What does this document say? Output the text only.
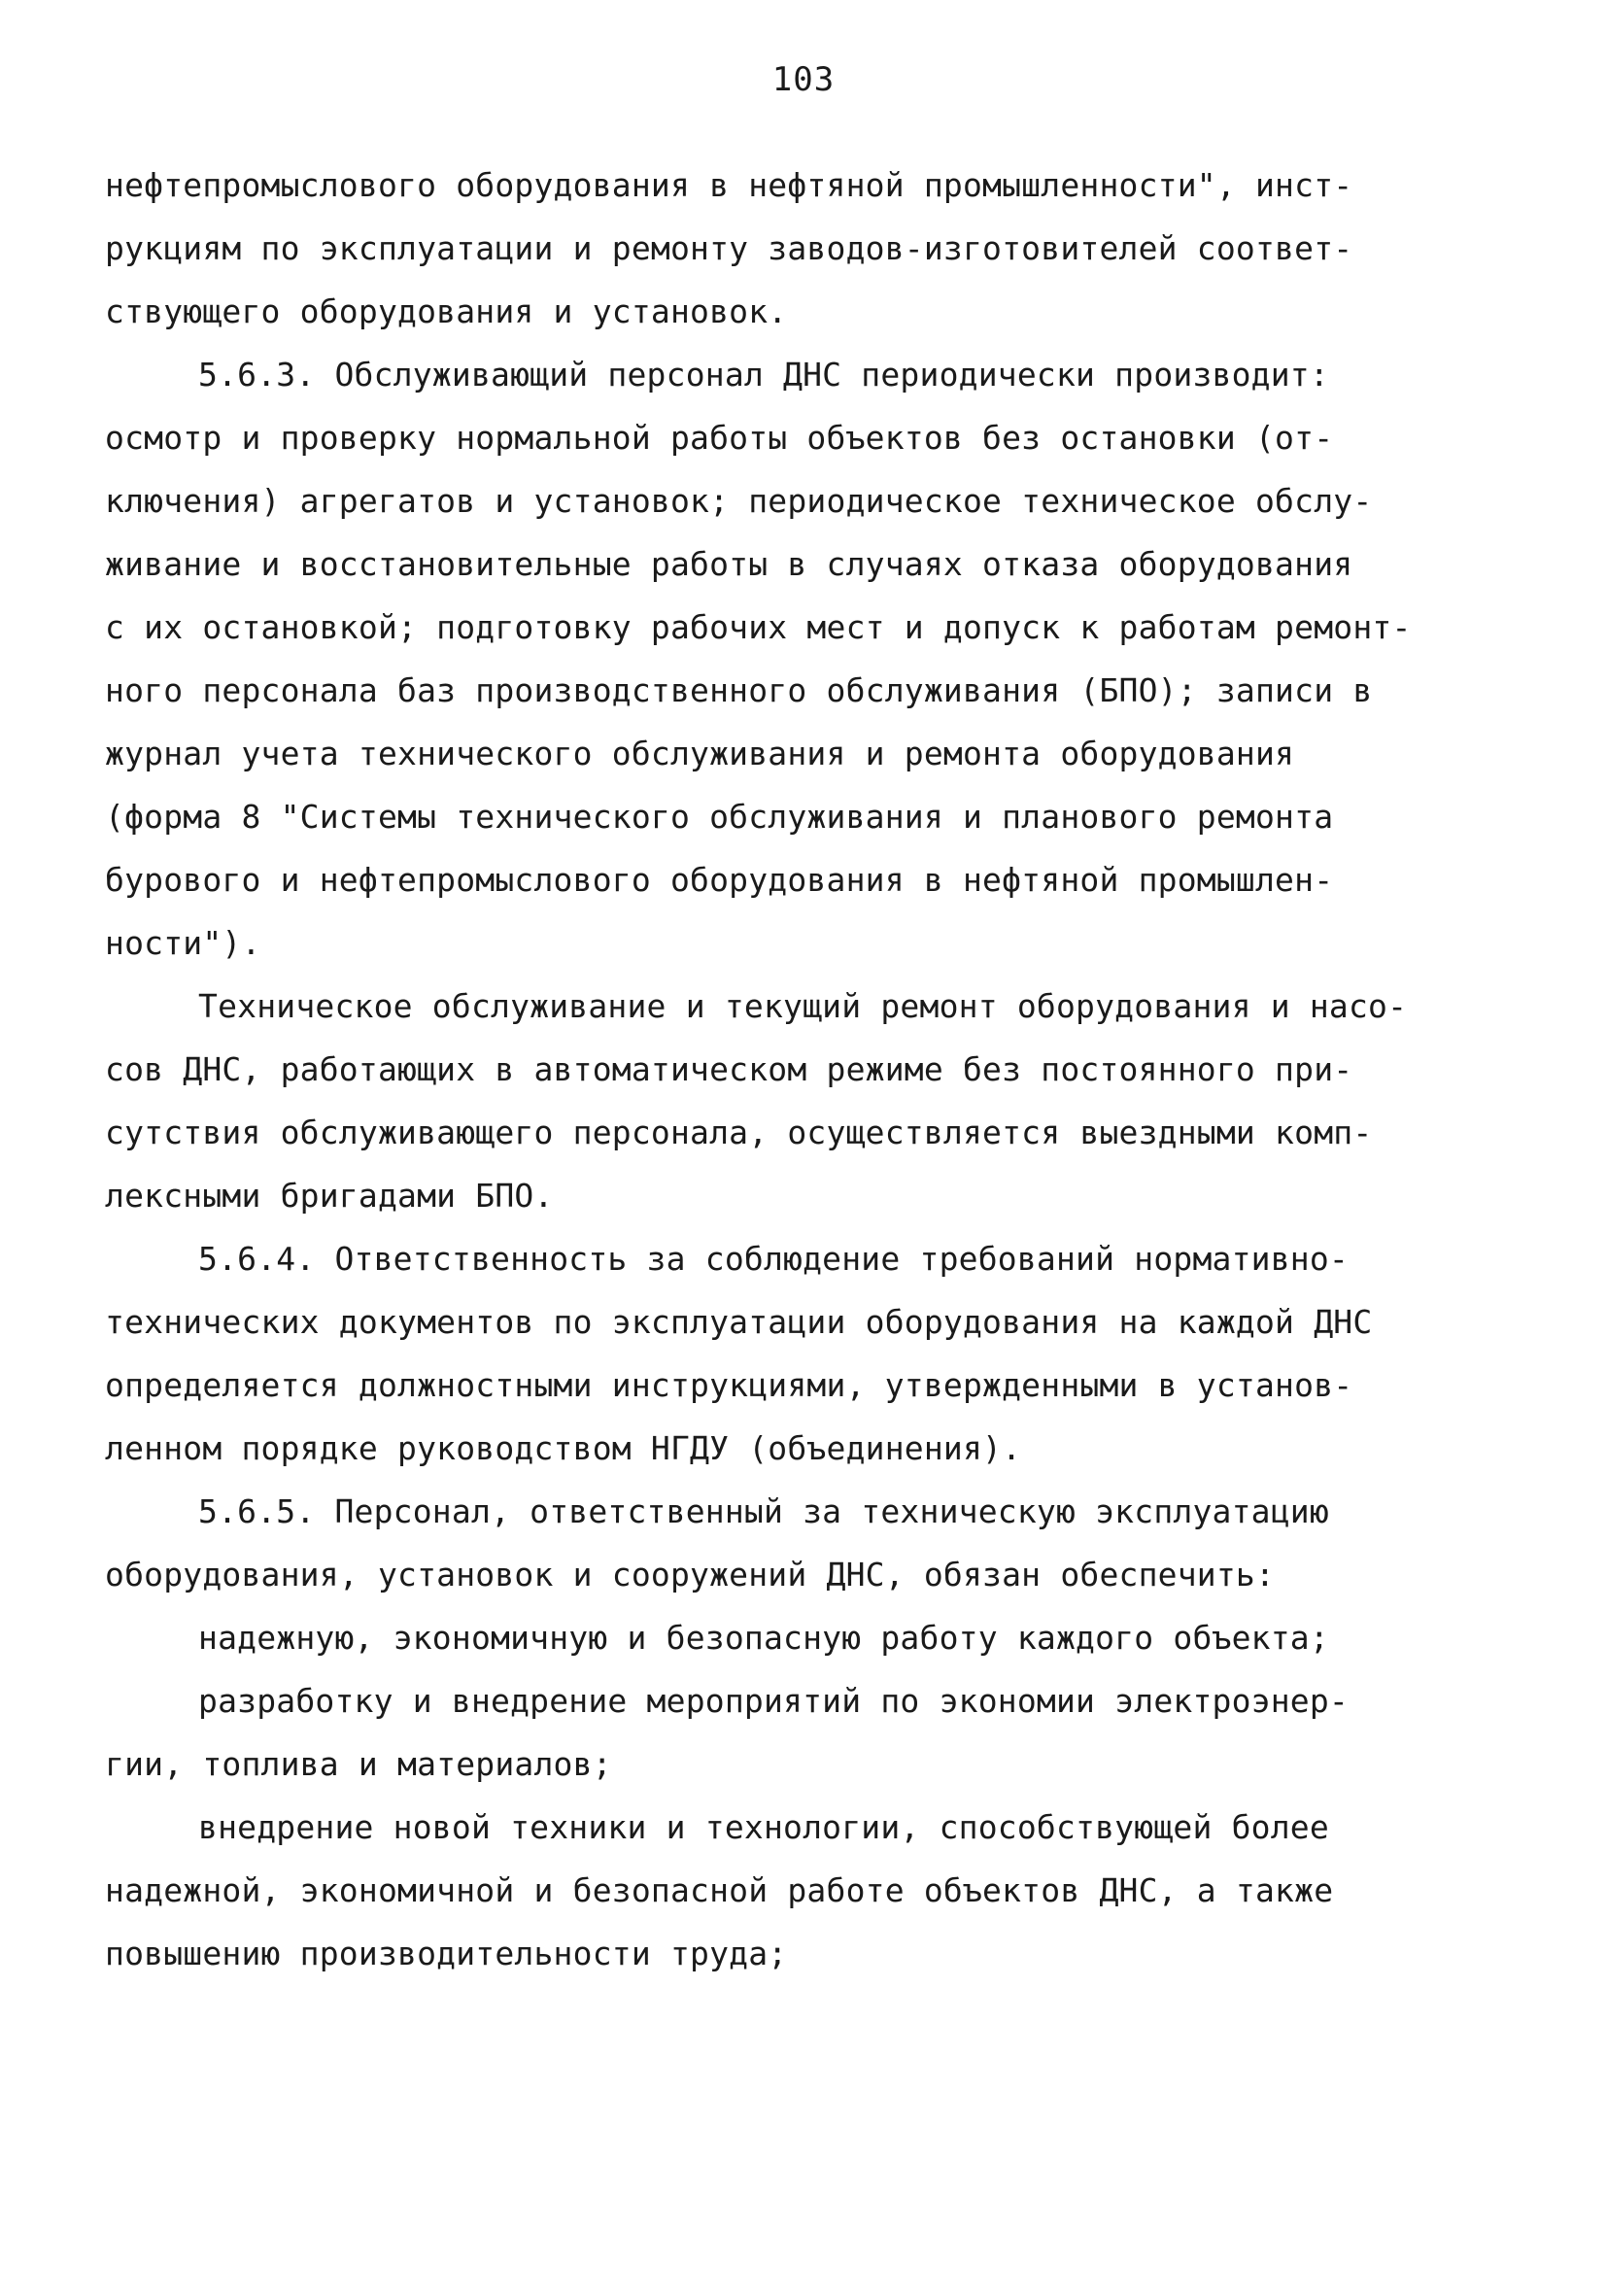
103
нефтепромыслового оборудования в нефтяной промышленности", инст-
рукциям по эксплуатации и ремонту заводов-изготовителей соответ-
ствующего оборудования и установок.
5.6.3. Обслуживающий персонал ДНС периодически производит:
осмотр и проверку нормальной работы объектов без остановки (от-
ключения) агрегатов и установок; периодическое техническое обслу-
живание и восстановительные работы в случаях отказа оборудования
с их остановкой; подготовку рабочих мест и допуск к работам ремонт-
ного персонала баз производственного обслуживания (БПО); записи в
журнал учета технического обслуживания и ремонта оборудования
(форма 8 "Системы технического обслуживания и планового ремонта
бурового и нефтепромыслового оборудования в нефтяной промышлен-
ности").
Техническое обслуживание и текущий ремонт оборудования и насо-
сов ДНС, работающих в автоматическом режиме без постоянного при-
сутствия обслуживающего персонала, осуществляется выездными комп-
лексными бригадами БПО.
5.6.4. Ответственность за соблюдение требований нормативно-
технических документов по эксплуатации оборудования на каждой ДНС
определяется должностными инструкциями, утвержденными в установ-
ленном порядке руководством НГДУ (объединения).
5.6.5. Персонал, ответственный за техническую эксплуатацию
оборудования, установок и сооружений ДНС, обязан обеспечить:
надежную, экономичную и безопасную работу каждого объекта;
разработку и внедрение мероприятий по экономии электроэнер-
гии, топлива и материалов;
внедрение новой техники и технологии, способствующей более
надежной, экономичной и безопасной работе объектов ДНС, а также
повышению производительности труда;
